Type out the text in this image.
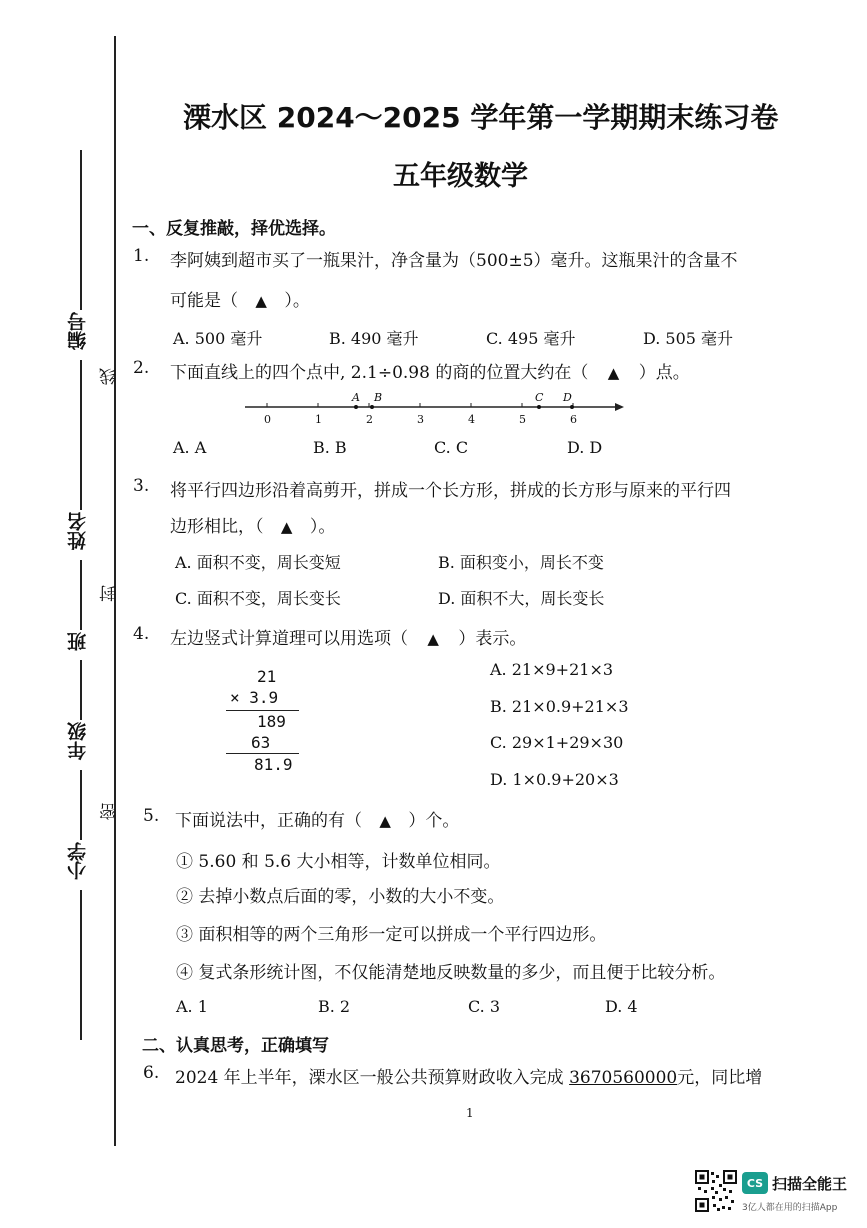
编号
姓名
班
年级
小学
线
封
密
溧水区 2024～2025 学年第一学期期末练习卷
五年级数学
一、反复推敲，择优选择。
1. 李阿姨到超市买了一瓶果汁，净含量为（500±5）毫升。这瓶果汁的含量不
可能是（ ▲ ）。
A. 500 毫升	B. 490 毫升	C. 495 毫升	D. 505 毫升
2. 下面直线上的四个点中, 2.1÷0.98 的商的位置大约在（ ▲ ）点。
0	1	2	3	4	5	6
A B	C D
A. A	B. B	C. C	D. D
3. 将平行四边形沿着高剪开，拼成一个长方形，拼成的长方形与原来的平行四
边形相比，（ ▲ ）。
A. 面积不变，周长变短	B. 面积变小，周长不变
C. 面积不变，周长变长	D. 面积不大，周长变长
4. 左边竖式计算道理可以用选项（ ▲ ）表示。
21
× 3.9
189
63
81.9
A. 21×9+21×3
B. 21×0.9+21×3
C. 29×1+29×30
D. 1×0.9+20×3
5. 下面说法中，正确的有（ ▲ ）个。
① 5.60 和 5.6 大小相等，计数单位相同。
② 去掉小数点后面的零，小数的大小不变。
③ 面积相等的两个三角形一定可以拼成一个平行四边形。
④ 复式条形统计图，不仅能清楚地反映数量的多少，而且便于比较分析。
A. 1	B. 2	C. 3	D. 4
二、认真思考，正确填写
6. 2024 年上半年，溧水区一般公共预算财政收入完成 3670560000元，同比增
1
CS 扫描全能王
3亿人都在用的扫描App
